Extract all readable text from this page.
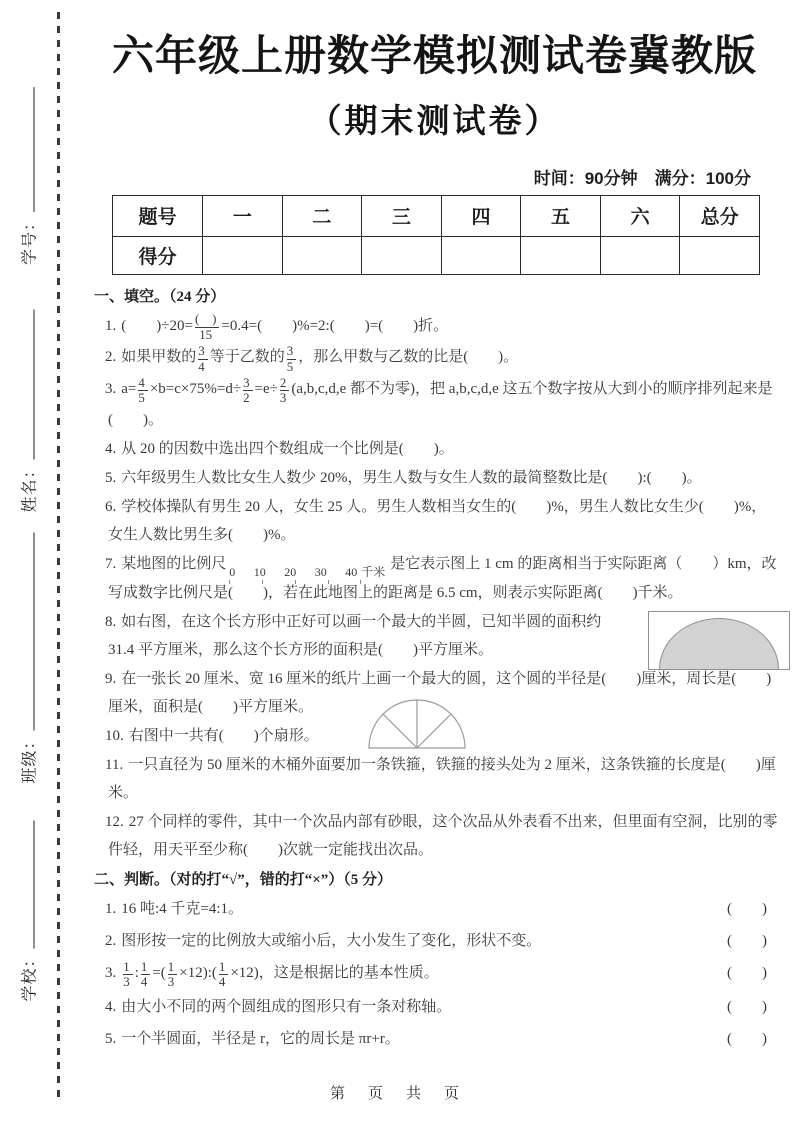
学号：
姓名：
班级：
学校：
六年级上册数学模拟测试卷冀教版
（期末测试卷）
时间：90分钟　满分：100分
题号	一	二	三	四	五	六	总分
得分							
一、填空。（24 分）
1. (　　)$\div 20= \frac{( )}{15} =0.4=$(　　)%=2:(　　)=(　　)折。
2. 如果甲数的 $\frac{3}{4}$ 等于乙数的 $\frac{3}{5}$ ，那么甲数与乙数的比是(　　)。
3. $a= \frac{4}{5} \times b=c\times 75\%=d\div \frac{3}{2} =e\div \frac{2}{3} (a,b,c,d,e$ 都不为零)，把 a,b,c,d,e 这五个数字按从大到小的顺序排列起来是(　　)。
4. 从 20 的因数中选出四个数组成一个比例是(　　)。
5. 六年级男生人数比女生人数少 20%，男生人数与女生人数的最简整数比是(　　):(　　)。
6. 学校体操队有男生 20 人，女生 25 人。男生人数相当女生的(　　)%，男生人数比女生少(　　)%，女生人数比男生多(　　)%。
7. 某地图的比例尺 0 10 20 30 40 千米 是它表示图上 1 cm 的距离相当于实际距离（　　）km，改写成数字比例尺是(　　)，若在此地图上的距离是 6.5 cm，则表示实际距离(　　)千米。
8. 如右图，在这个长方形中正好可以画一个最大的半圆，已知半圆的面积约 31.4 平方厘米，那么这个长方形的面积是(　　)平方厘米。
9. 在一张长 20 厘米、宽 16 厘米的纸片上画一个最大的圆，这个圆的半径是(　　)厘米，周长是(　　)厘米，面积是(　　)平方厘米。
10. 右图中一共有(　　)个扇形。
11. 一只直径为 50 厘米的木桶外面要加一条铁箍，铁箍的接头处为 2 厘米，这条铁箍的长度是(　　)厘米。
12. 27 个同样的零件，其中一个次品内部有砂眼，这个次品从外表看不出来，但里面有空洞，比别的零件轻，用天平至少称(　　)次就一定能找出次品。
二、判断。（对的打“√”，错的打“×”）（5 分）
1. 16 吨:4 千克=4:1。	(　　)
2. 图形按一定的比例放大或缩小后，大小发生了变化，形状不变。	(　　)
3. $\frac{1}{3}$ : $\frac{1}{4}$ =( $\frac{1}{3}$ ×12):( $\frac{1}{4} \times 12$)，这是根据比的基本性质。	(　　)
4. 由大小不同的两个圆组成的图形只有一条对称轴。	(　　)
5. 一个半圆面，半径是 r，它的周长是 πr+r。	(　　)
第　页　共　页
